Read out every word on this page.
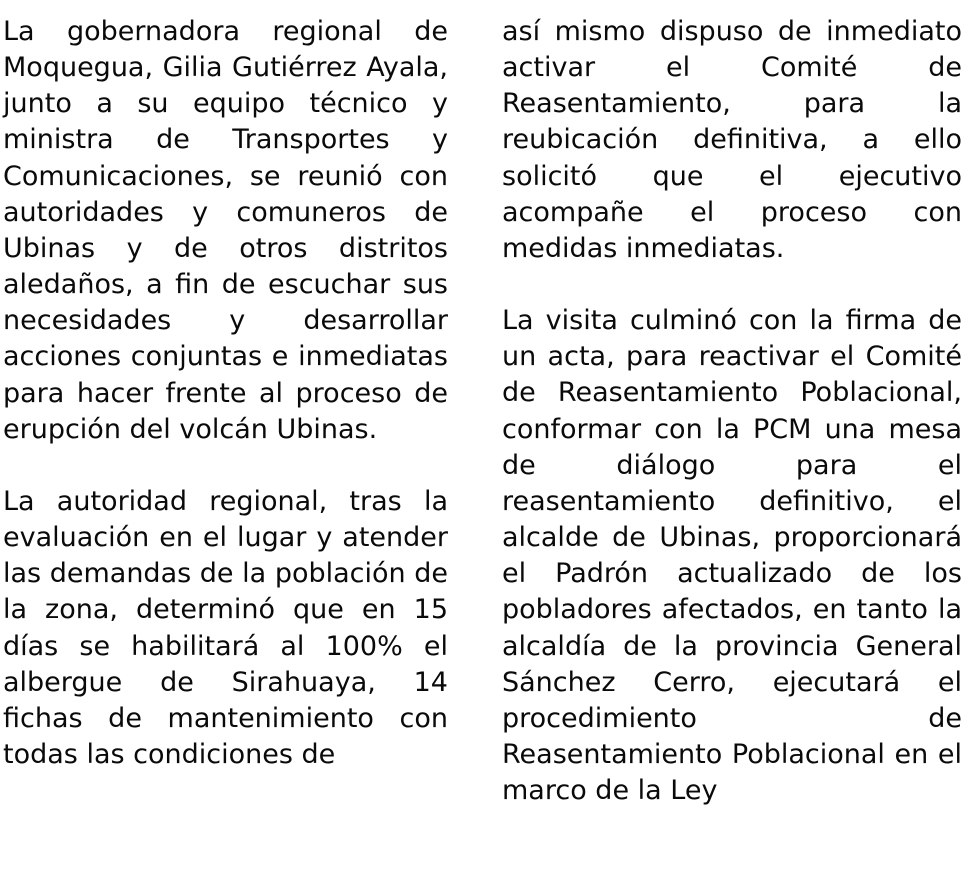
La gobernadora regional de Moquegua, Gilia Gutiérrez Ayala, junto a su equipo técnico y ministra de Transportes y Comunicaciones, se reunió con autoridades y comuneros de Ubinas y de otros distritos aledaños, a fin de escuchar sus necesidades y desarrollar acciones conjuntas e inmediatas para hacer frente al proceso de erupción del volcán Ubinas.

La autoridad regional, tras la evaluación en el lugar y atender las demandas de la población de la zona, determinó que en 15 días se habilitará al 100% el albergue de Sirahuaya, 14 fichas de mantenimiento con todas las condiciones de

así mismo dispuso de inmediato activar el Comité de Reasentamiento, para la reubicación definitiva, a ello solicitó que el ejecutivo acompañe el proceso con medidas inmediatas.

La visita culminó con la firma de un acta, para reactivar el Comité de Reasentamiento Poblacional, conformar con la PCM una mesa de diálogo para el reasentamiento definitivo, el alcalde de Ubinas, proporcionará el Padrón actualizado de los pobladores afectados, en tanto la alcaldía de la provincia General Sánchez Cerro, ejecutará el procedimiento de Reasentamiento Poblacional en el marco de la Ley
